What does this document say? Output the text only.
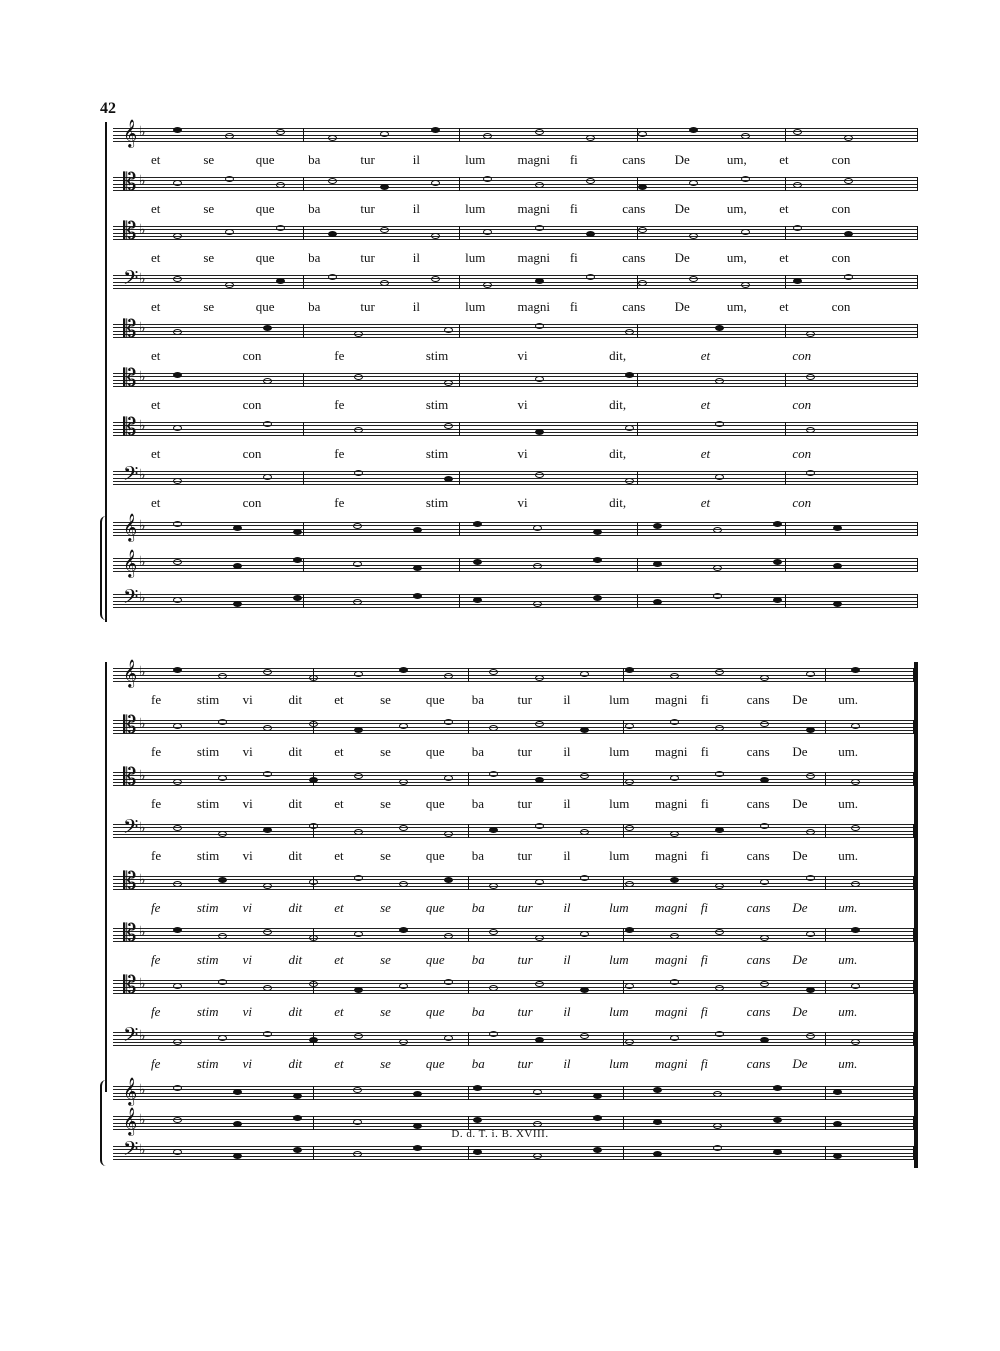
42
𝄞 ♭
et	se	que	ba	tur	il	lum magni fi	cans De	um, et	con
𝄡 ♭
et	se	que	ba	tur	il	lum magni fi	cans De	um, et	con
𝄡 ♭
et	se	que	ba	tur	il	lum magni fi	cans De	um, et	con
𝄢 ♭
et	se	que	ba	tur	il	lum magni fi	cans De	um, et	con
𝄡 ♭
et	con	fe	stim	vi	dit,	et	con
𝄡 ♭
et	con	fe	stim	vi	dit,	et	con
𝄡 ♭
et	con	fe	stim	vi	dit,	et	con
𝄢 ♭
et	con	fe	stim	vi	dit,	et	con
𝄞 ♭
𝄞 ♭
𝄢 ♭
𝄞 ♭
fe	stim vi	dit et	se	que ba	tur il	lum magni fi	cans De um.
𝄡 ♭
fe	stim vi	dit et	se	que ba	tur il	lum magni fi	cans De um.
𝄡 ♭
fe	stim vi	dit et	se	que ba	tur il	lum magni fi	cans De um.
𝄢 ♭
fe	stim vi	dit et	se	que ba	tur il	lum magni fi	cans De um.
𝄡 ♭
fe	stim vi	dit et	se	que ba	tur il	lum magni fi	cans De um.
𝄡 ♭
fe	stim vi	dit et	se	que ba	tur il	lum magni fi	cans De um.
𝄡 ♭
fe	stim vi	dit et	se	que ba	tur il	lum magni fi	cans De um.
𝄢 ♭
fe	stim vi	dit et	se	que ba	tur il	lum magni fi	cans De um.
𝄞 ♭
𝄞 ♭
𝄢 ♭
D. d. T. i. B. XVIII.
